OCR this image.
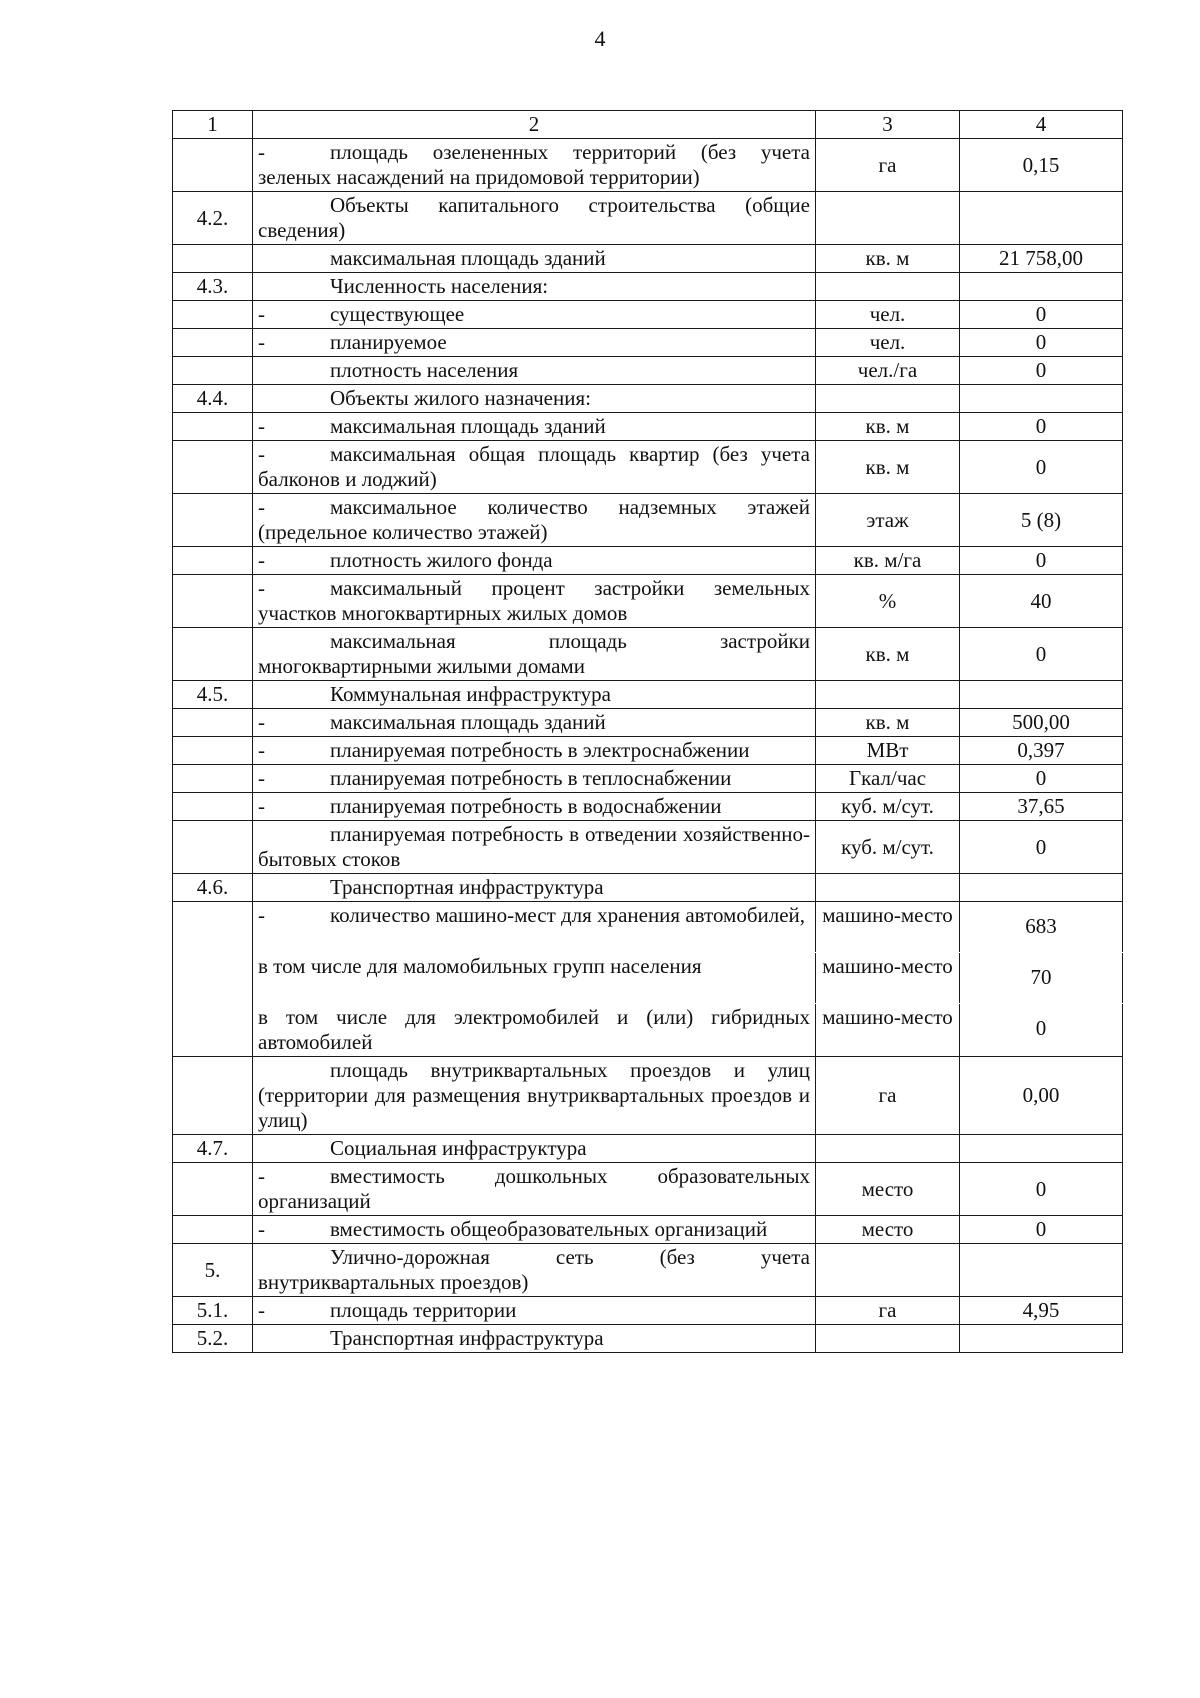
4
1	2	3	4
	- площадь озелененных территорий (без учета зеленых насаждений на придомовой территории)	га	0,15
4.2.	Объекты капитального строительства (общие сведения)		
	максимальная площадь зданий	кв. м	21 758,00
4.3.	Численность населения:		
	- существующее	чел.	0
	- планируемое	чел.	0
	плотность населения	чел./га	0
4.4.	Объекты жилого назначения:		
	- максимальная площадь зданий	кв. м	0
	- максимальная общая площадь квартир (без учета балконов и лоджий)	кв. м	0
	- максимальное количество надземных этажей (предельное количество этажей)	этаж	5 (8)
	- плотность жилого фонда	кв. м/га	0
	- максимальный процент застройки земельных участков многоквартирных жилых домов	%	40
	максимальная площадь застройки многоквартирными жилыми домами	кв. м	0
4.5.	Коммунальная инфраструктура		
	- максимальная площадь зданий	кв. м	500,00
	- планируемая потребность в электроснабжении	МВт	0,397
	- планируемая потребность в теплоснабжении	Гкал/час	0
	- планируемая потребность в водоснабжении	куб. м/сут.	37,65
	планируемая потребность в отведении хозяйственно-бытовых стоков	куб. м/сут.	0
4.6.	Транспортная инфраструктура		
	- количество машино-мест для хранения автомобилей,	машино-место	683
	в том числе для маломобильных групп населения	машино-место	70
	в том числе для электромобилей и (или) гибридных автомобилей	машино-место	0
	площадь внутриквартальных проездов и улиц (территории для размещения внутриквартальных проездов и улиц)	га	0,00
4.7.	Социальная инфраструктура		
	- вместимость дошкольных образовательных организаций	место	0
	- вместимость общеобразовательных организаций	место	0
5.	Улично-дорожная сеть (без учета внутриквартальных проездов)		
5.1.	- площадь территории	га	4,95
5.2.	Транспортная инфраструктура		
